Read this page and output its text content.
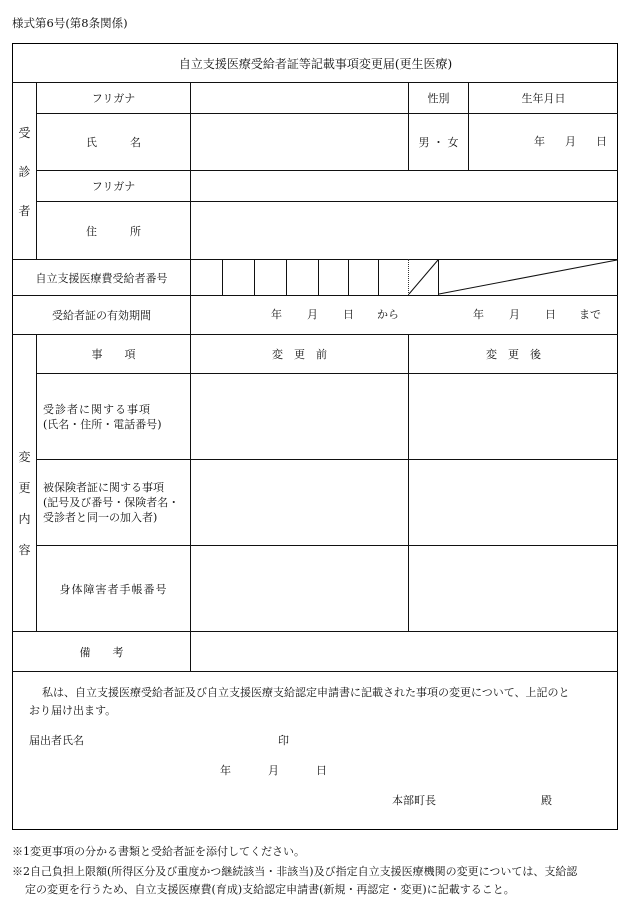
様式第6号(第8条関係)
自立支援医療受給者証等記載事項変更届(更生医療)
受
診
者
フリガナ	性別	生年月日
氏　　　名	男 ・ 女	年 月 日
フリガナ
住　　　所
自立支援医療費受給者番号
受給者証の有効期間	年 月 日 から	年 月 日 まで
変
更
内
容
事　　項	変　更　前	変　更　後
受診者に関する事項
(氏名・住所・電話番号)
被保険者証に関する事項
(記号及び番号・保険者名・
受診者と同一の加入者)
身体障害者手帳番号
備　　考
私は、自立支援医療受給者証及び自立支援医療支給認定申請書に記載された事項の変更について、上記のと
おり届け出ます。
届出者氏名	印
年	月	日
本部町長	殿
※1変更事項の分かる書類と受給者証を添付してください。
※2自己負担上限額(所得区分及び重度かつ継続該当・非該当)及び指定自立支援医療機関の変更については、支給認
定の変更を行うため、自立支援医療費(育成)支給認定申請書(新規・再認定・変更)に記載すること。
